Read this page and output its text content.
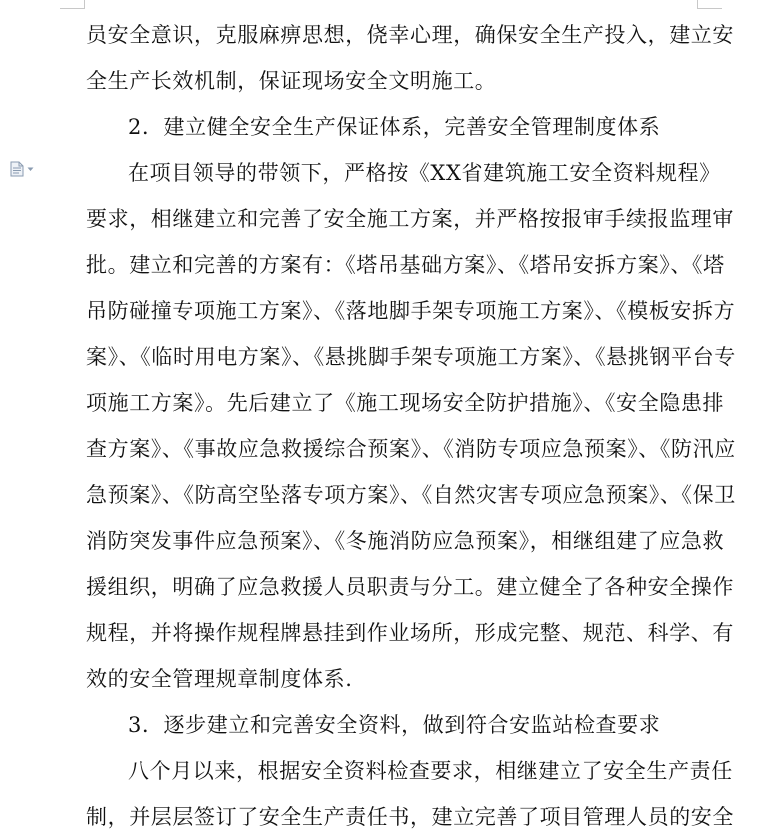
员安全意识，克服麻痹思想，侥幸心理，确保安全生产投入，建立安
全生产长效机制，保证现场安全文明施工。
2．建立健全安全生产保证体系，完善安全管理制度体系
在项目领导的带领下，严格按《XX省建筑施工安全资料规程》
要求，相继建立和完善了安全施工方案，并严格按报审手续报监理审
批。建立和完善的方案有：《塔吊基础方案》、《塔吊安拆方案》、《塔
吊防碰撞专项施工方案》、《落地脚手架专项施工方案》、《模板安拆方
案》、《临时用电方案》、《悬挑脚手架专项施工方案》、《悬挑钢平台专
项施工方案》。先后建立了《施工现场安全防护措施》、《安全隐患排
查方案》、《事故应急救援综合预案》、《消防专项应急预案》、《防汛应
急预案》、《防高空坠落专项方案》、《自然灾害专项应急预案》、《保卫
消防突发事件应急预案》、《冬施消防应急预案》，相继组建了应急救
援组织，明确了应急救援人员职责与分工。建立健全了各种安全操作
规程，并将操作规程牌悬挂到作业场所，形成完整、规范、科学、有
效的安全管理规章制度体系.
3．逐步建立和完善安全资料，做到符合安监站检查要求
八个月以来，根据安全资料检查要求，相继建立了安全生产责任
制，并层层签订了安全生产责任书，建立完善了项目管理人员的安全
